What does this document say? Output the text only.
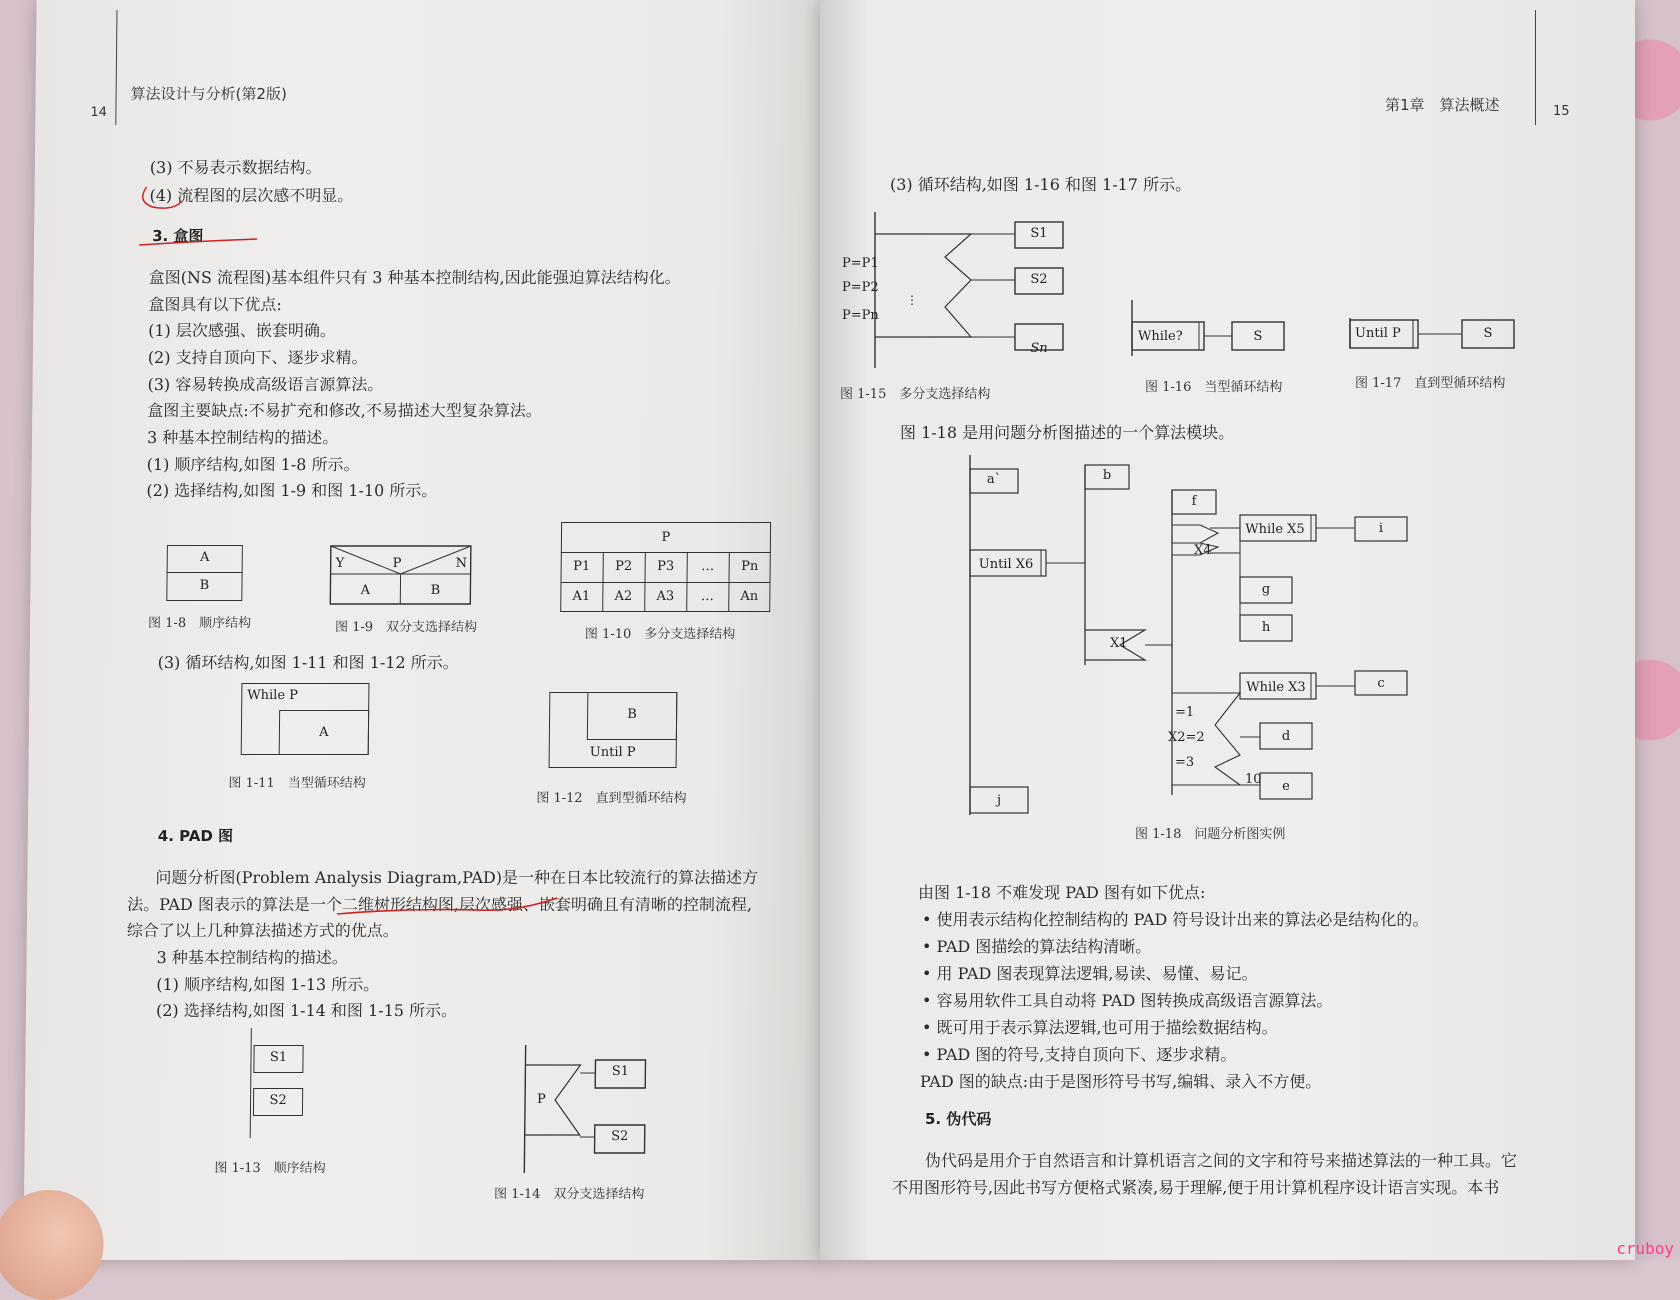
14
算法设计与分析(第2版)
(3) 不易表示数据结构。
(4) 流程图的层次感不明显。
3. 盒图
盒图(NS 流程图)基本组件只有 3 种基本控制结构,因此能强迫算法结构化。
盒图具有以下优点:
(1) 层次感强、嵌套明确。
(2) 支持自顶向下、逐步求精。
(3) 容易转换成高级语言源算法。
盒图主要缺点:不易扩充和修改,不易描述大型复杂算法。
3 种基本控制结构的描述。
(1) 顺序结构,如图 1-8 所示。
(2) 选择结构,如图 1-9 和图 1-10 所示。
A
B
图 1-8　顺序结构
Y	P	N
A	B
图 1-9　双分支选择结构
P
P1	P2	P3	…	Pn
A1	A2	A3	…	An
图 1-10　多分支选择结构
(3) 循环结构,如图 1-11 和图 1-12 所示。
While P
A
图 1-11　当型循环结构
B
Until P
图 1-12　直到型循环结构
4. PAD 图
问题分析图(Problem Analysis Diagram,PAD)是一种在日本比较流行的算法描述方
法。PAD 图表示的算法是一个二维树形结构图,层次感强、嵌套明确且有清晰的控制流程,
综合了以上几种算法描述方式的优点。
3 种基本控制结构的描述。
(1) 顺序结构,如图 1-13 所示。
(2) 选择结构,如图 1-14 和图 1-15 所示。
S1
S2
图 1-13　顺序结构
P
S1
S2
图 1-14　双分支选择结构
第1章　算法概述	15
(3) 循环结构,如图 1-16 和图 1-17 所示。
⋮
P=P1
P=P2
P=Pn
S1
S2
Sn
图 1-15　多分支选择结构
While?	S
图 1-16　当型循环结构
Until P	S
图 1-17　直到型循环结构
图 1-18 是用问题分析图描述的一个算法模块。
a`	b
f
X4
While X5	i
Until X6
g
h
X1
While X3	c
=1
X2=2
=3
d
10	e
j
图 1-18　问题分析图实例
由图 1-18 不难发现 PAD 图有如下优点:
• 使用表示结构化控制结构的 PAD 符号设计出来的算法必是结构化的。
• PAD 图描绘的算法结构清晰。
• 用 PAD 图表现算法逻辑,易读、易懂、易记。
• 容易用软件工具自动将 PAD 图转换成高级语言源算法。
• 既可用于表示算法逻辑,也可用于描绘数据结构。
• PAD 图的符号,支持自顶向下、逐步求精。
PAD 图的缺点:由于是图形符号书写,编辑、录入不方便。
5. 伪代码
伪代码是用介于自然语言和计算机语言之间的文字和符号来描述算法的一种工具。它
不用图形符号,因此书写方便格式紧凑,易于理解,便于用计算机程序设计语言实现。本书
cruboy
